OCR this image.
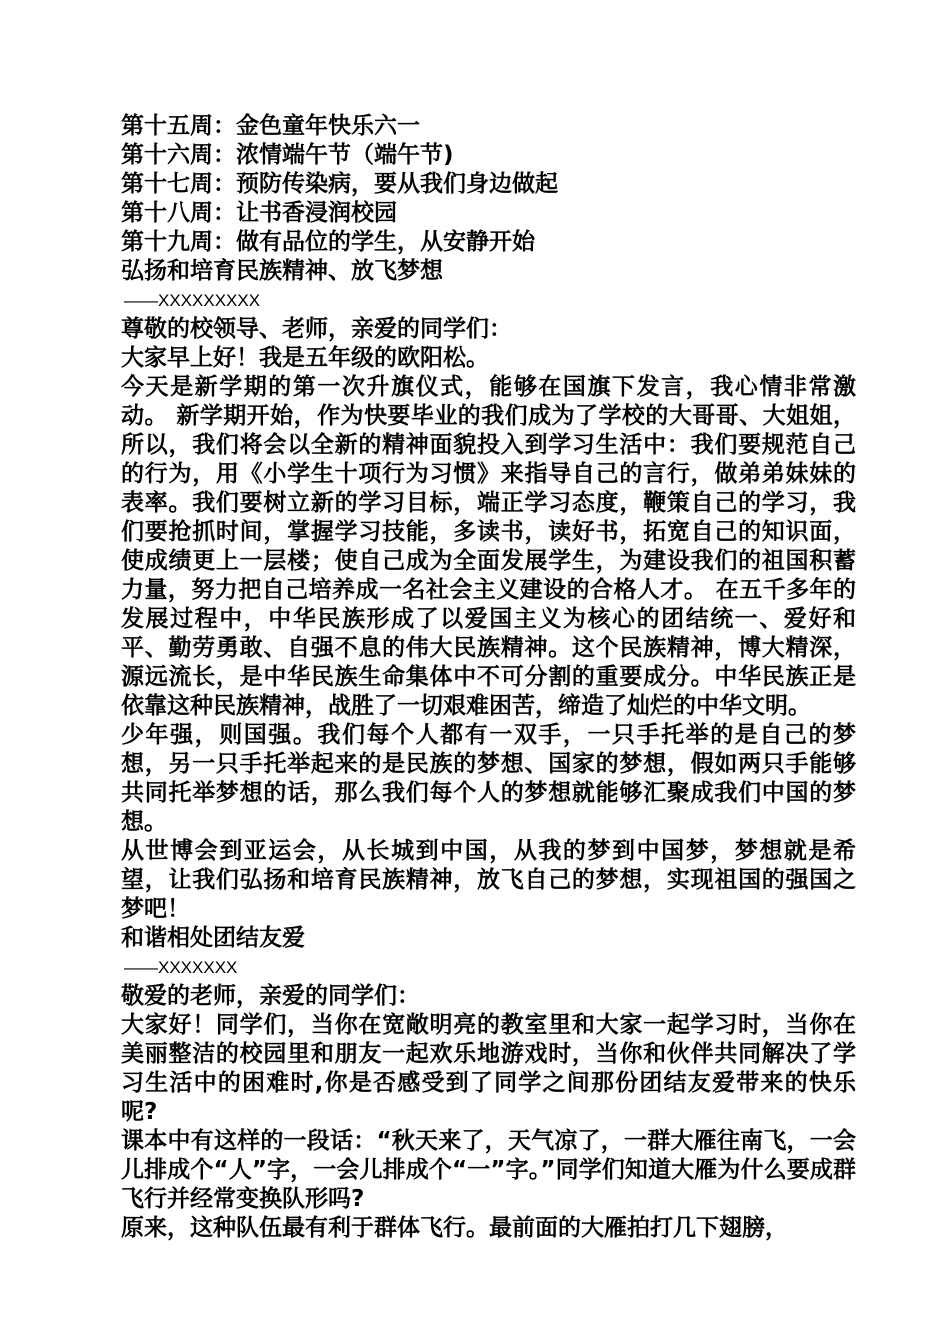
第十五周：金色童年快乐六一
第十六周：浓情端午节（端午节)
第十七周：预防传染病，要从我们身边做起
第十八周：让书香浸润校园
第十九周：做有品位的学生，从安静开始
弘扬和培育民族精神、放飞梦想
——XXXXXXXXX
尊敬的校领导、老师，亲爱的同学们：
大家早上好！我是五年级的欧阳松。

今天是新学期的第一次升旗仪式，能够在国旗下发言，我心情非常激动。 新学期开始，作为快要毕业的我们成为了学校的大哥哥、大姐姐，所以，我们将会以全新的精神面貌投入到学习生活中：我们要规范自己的行为，用《小学生十项行为习惯》来指导自己的言行，做弟弟妹妹的表率。我们要树立新的学习目标，端正学习态度，鞭策自己的学习，我们要抢抓时间，掌握学习技能，多读书，读好书，拓宽自己的知识面，使成绩更上一层楼；使自己成为全面发展学生，为建设我们的祖国积蓄力量，努力把自己培养成一名社会主义建设的合格人才。 在五千多年的发展过程中，中华民族形成了以爱国主义为核心的团结统一、爱好和平、勤劳勇敢、自强不息的伟大民族精神。这个民族精神，博大精深，源远流长，是中华民族生命集体中不可分割的重要成分。中华民族正是依靠这种民族精神，战胜了一切艰难困苦，缔造了灿烂的中华文明。

少年强，则国强。我们每个人都有一双手，一只手托举的是自己的梦想，另一只手托举起来的是民族的梦想、国家的梦想，假如两只手能够共同托举梦想的话，那么我们每个人的梦想就能够汇聚成我们中国的梦想。

从世博会到亚运会，从长城到中国，从我的梦到中国梦，梦想就是希望，让我们弘扬和培育民族精神，放飞自己的梦想，实现祖国的强国之梦吧！

和谐相处团结友爱
——XXXXXXX
敬爱的老师，亲爱的同学们：

大家好！同学们，当你在宽敞明亮的教室里和大家一起学习时，当你在美丽整洁的校园里和朋友一起欢乐地游戏时，当你和伙伴共同解决了学习生活中的困难时,你是否感受到了同学之间那份团结友爱带来的快乐呢?

课本中有这样的一段话：“秋天来了，天气凉了，一群大雁往南飞，一会儿排成个“人”字，一会儿排成个“一”字。”同学们知道大雁为什么要成群飞行并经常变换队形吗?

原来，这种队伍最有利于群体飞行。最前面的大雁拍打几下翅膀，
